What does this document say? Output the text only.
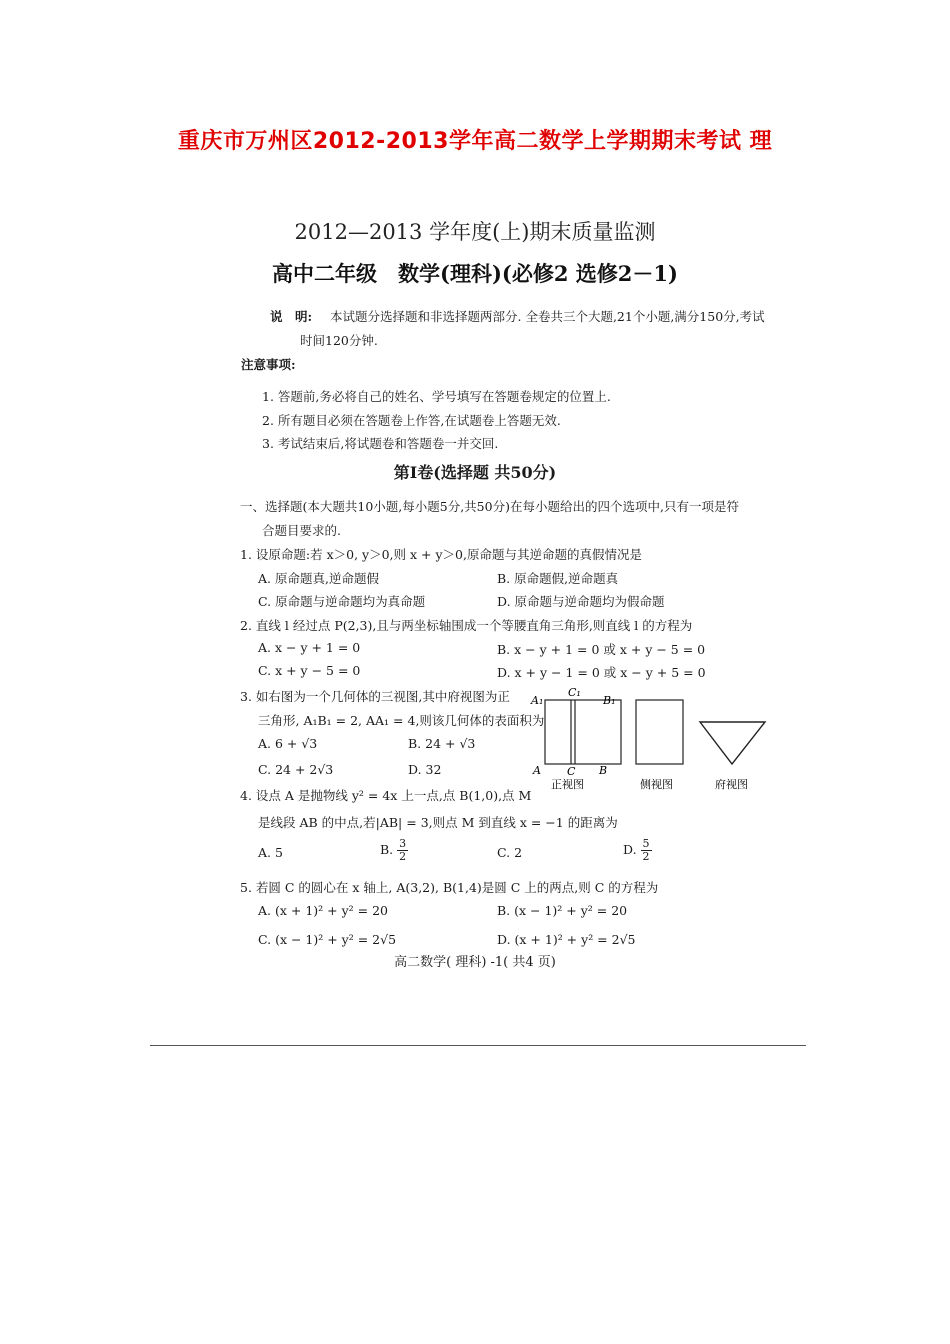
重庆市万州区2012-2013学年高二数学上学期期末考试 理
2012—2013 学年度(上)期末质量监测
高中二年级　数学(理科)(必修2 选修2－1)
说　明: 本试题分选择题和非选择题两部分. 全卷共三个大题,21个小题,满分150分,考试
时间120分钟.
注意事项:
1. 答题前,务必将自己的姓名、学号填写在答题卷规定的位置上.
2. 所有题目必须在答题卷上作答,在试题卷上答题无效.
3. 考试结束后,将试题卷和答题卷一并交回.
第Ⅰ卷(选择题 共50分)
一、选择题(本大题共10小题,每小题5分,共50分)在每小题给出的四个选项中,只有一项是符
合题目要求的.
1. 设原命题:若 x＞0, y＞0,则 x + y＞0,原命题与其逆命题的真假情况是
A. 原命题真,逆命题假	B. 原命题假,逆命题真
C. 原命题与逆命题均为真命题	D. 原命题与逆命题均为假命题
2. 直线 l 经过点 P(2,3),且与两坐标轴围成一个等腰直角三角形,则直线 l 的方程为
A. x − y + 1 = 0	B. x − y + 1 = 0 或 x + y − 5 = 0
C. x + y − 5 = 0	D. x + y − 1 = 0 或 x − y + 5 = 0
3. 如右图为一个几何体的三视图,其中府视图为正
三角形, A₁B₁ = 2, AA₁ = 4,则该几何体的表面积为
A. 6 + √3	B. 24 + √3
C. 24 + 2√3	D. 32
A₁
C₁
B₁
A C B
正视图	侧视图	府视图
4. 设点 A 是抛物线 y² = 4x 上一点,点 B(1,0),点 M
是线段 AB 的中点,若|AB| = 3,则点 M 到直线 x = −1 的距离为
A. 5	B. $\frac{3}{2}$	C. 2	D. $\frac{5}{2}$
5. 若圆 C 的圆心在 x 轴上, A(3,2), B(1,4)是圆 C 上的两点,则 C 的方程为
A. (x + 1)² + y² = 20	B. (x − 1)² + y² = 20
C. (x − 1)² + y² = 2√5	D. (x + 1)² + y² = 2√5
高二数学( 理科) -1( 共4 页)
